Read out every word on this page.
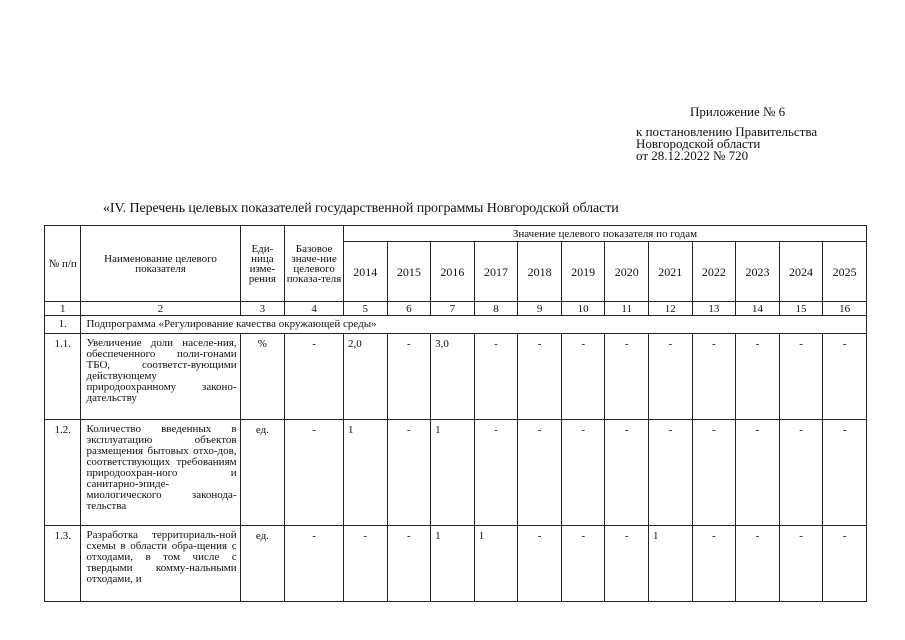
Приложение № 6
к постановлению Правительства
Новгородской области
от 28.12.2022 № 720
«IV. Перечень целевых показателей государственной программы Новгородской области
№ п/п	Наименование целевого показателя	Еди-ница изме-рения	Базовое значе-ние целевого показа-теля	Значение целевого показателя по годам											
				2014	2015	2016	2017	2018	2019	2020	2021	2022	2023	2024	2025
1	2	3	4	5	6	7	8	9	10	11	12	13	14	15	16
1.	Подпрограмма «Регулирование качества окружающей среды»														
1.1.	Увеличение доли населе-ния, обеспеченного поли-гонами ТБО, соответст-вующими действующему природоохранному законо-дательству	%	-	2,0	-	3,0	-	-	-	-	-	-	-	-	-
1.2.	Количество введенных в эксплуатацию объектов размещения бытовых отхо-дов, соответствующих требованиям природоохран-ного и санитарно-эпиде-миологического законода-тельства	ед.	-	1	-	1	-	-	-	-	-	-	-	-	-
1.3.	Разработка территориаль-ной схемы в области обра-щения с отходами, в том числе с твердыми комму-нальными отходами, и	ед.	-	-	-	1	1	-	-	-	1	-	-	-	-
